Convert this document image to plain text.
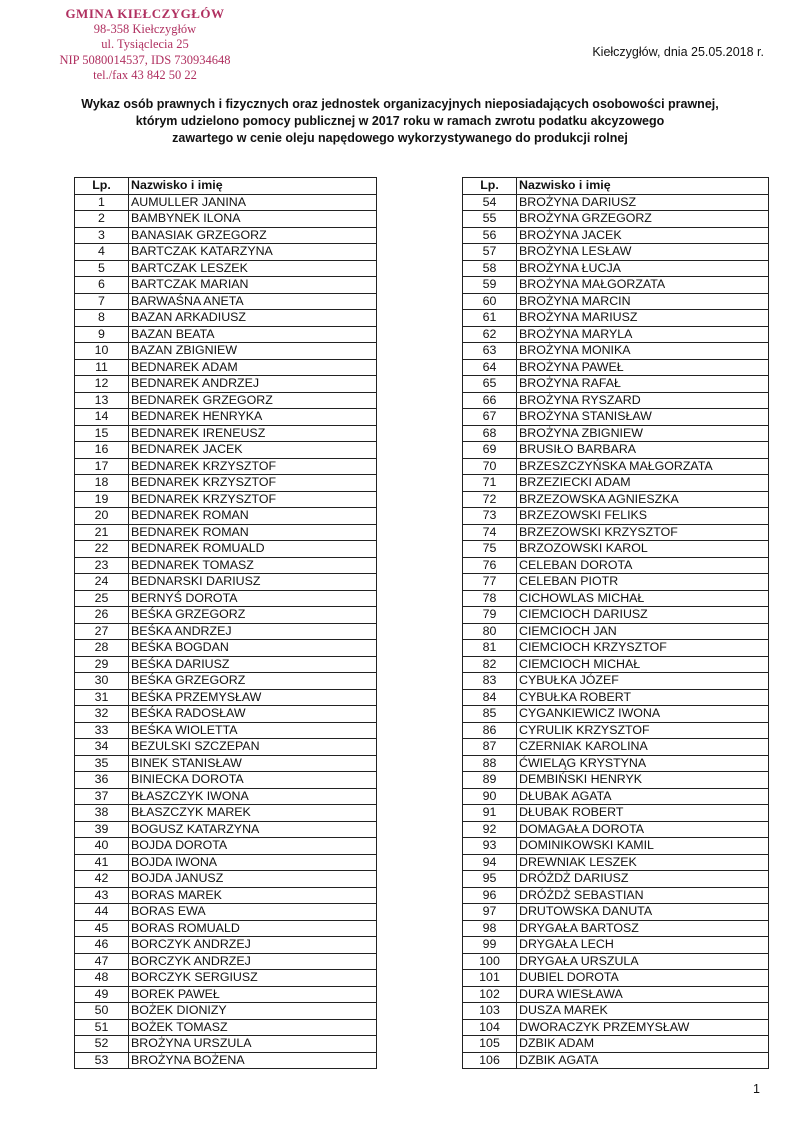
GMINA KIEŁCZYGŁÓW
98-358 Kiełczygłów
ul. Tysiąclecia 25
NIP 5080014537, IDS 730934648
tel./fax 43 842 50 22
Kiełczygłów, dnia 25.05.2018 r.
Wykaz osób prawnych i fizycznych oraz jednostek organizacyjnych nieposiadających osobowości prawnej,
którym udzielono pomocy publicznej w 2017 roku w ramach zwrotu podatku akcyzowego
zawartego w cenie oleju napędowego wykorzystywanego do produkcji rolnej
Lp.	Nazwisko i imię
1	AUMULLER JANINA
2	BAMBYNEK ILONA
3	BANASIAK GRZEGORZ
4	BARTCZAK KATARZYNA
5	BARTCZAK LESZEK
6	BARTCZAK MARIAN
7	BARWAŚNA ANETA
8	BAZAN ARKADIUSZ
9	BAZAN BEATA
10	BAZAN ZBIGNIEW
11	BEDNAREK ADAM
12	BEDNAREK ANDRZEJ
13	BEDNAREK GRZEGORZ
14	BEDNAREK HENRYKA
15	BEDNAREK IRENEUSZ
16	BEDNAREK JACEK
17	BEDNAREK KRZYSZTOF
18	BEDNAREK KRZYSZTOF
19	BEDNAREK KRZYSZTOF
20	BEDNAREK ROMAN
21	BEDNAREK ROMAN
22	BEDNAREK ROMUALD
23	BEDNAREK TOMASZ
24	BEDNARSKI DARIUSZ
25	BERNYŚ DOROTA
26	BEŚKA GRZEGORZ
27	BEŚKA ANDRZEJ
28	BEŚKA BOGDAN
29	BEŚKA DARIUSZ
30	BEŚKA GRZEGORZ
31	BEŚKA PRZEMYSŁAW
32	BEŚKA RADOSŁAW
33	BEŚKA WIOLETTA
34	BEZULSKI SZCZEPAN
35	BINEK STANISŁAW
36	BINIECKA DOROTA
37	BŁASZCZYK IWONA
38	BŁASZCZYK MAREK
39	BOGUSZ KATARZYNA
40	BOJDA DOROTA
41	BOJDA IWONA
42	BOJDA JANUSZ
43	BORAS MAREK
44	BORAS EWA
45	BORAS ROMUALD
46	BORCZYK ANDRZEJ
47	BORCZYK ANDRZEJ
48	BORCZYK SERGIUSZ
49	BOREK PAWEŁ
50	BOŻEK DIONIZY
51	BOŻEK TOMASZ
52	BROŻYNA URSZULA
53	BROŻYNA BOŻENA
Lp.	Nazwisko i imię
54	BROŻYNA DARIUSZ
55	BROŻYNA GRZEGORZ
56	BROŻYNA JACEK
57	BROŻYNA LESŁAW
58	BROŻYNA ŁUCJA
59	BROŻYNA MAŁGORZATA
60	BROŻYNA MARCIN
61	BROŻYNA MARIUSZ
62	BROŻYNA MARYLA
63	BROŻYNA MONIKA
64	BROŻYNA PAWEŁ
65	BROŻYNA RAFAŁ
66	BROŻYNA RYSZARD
67	BROŻYNA STANISŁAW
68	BROŻYNA ZBIGNIEW
69	BRUSIŁO BARBARA
70	BRZESZCZYŃSKA MAŁGORZATA
71	BRZEZIECKI ADAM
72	BRZEZOWSKA AGNIESZKA
73	BRZEZOWSKI FELIKS
74	BRZEZOWSKI KRZYSZTOF
75	BRZOZOWSKI KAROL
76	CELEBAN DOROTA
77	CELEBAN PIOTR
78	CICHOWLAS MICHAŁ
79	CIEMCIOCH DARIUSZ
80	CIEMCIOCH JAN
81	CIEMCIOCH KRZYSZTOF
82	CIEMCIOCH MICHAŁ
83	CYBUŁKA JÓZEF
84	CYBUŁKA ROBERT
85	CYGANKIEWICZ IWONA
86	CYRULIK KRZYSZTOF
87	CZERNIAK KAROLINA
88	ĆWIELĄG KRYSTYNA
89	DEMBIŃSKI HENRYK
90	DŁUBAK AGATA
91	DŁUBAK ROBERT
92	DOMAGAŁA DOROTA
93	DOMINIKOWSKI KAMIL
94	DREWNIAK LESZEK
95	DRÓŻDŻ DARIUSZ
96	DRÓŻDŻ SEBASTIAN
97	DRUTOWSKA DANUTA
98	DRYGAŁA BARTOSZ
99	DRYGAŁA LECH
100	DRYGAŁA URSZULA
101	DUBIEL DOROTA
102	DURA WIESŁAWA
103	DUSZA MAREK
104	DWORACZYK PRZEMYSŁAW
105	DZBIK ADAM
106	DZBIK AGATA
1
